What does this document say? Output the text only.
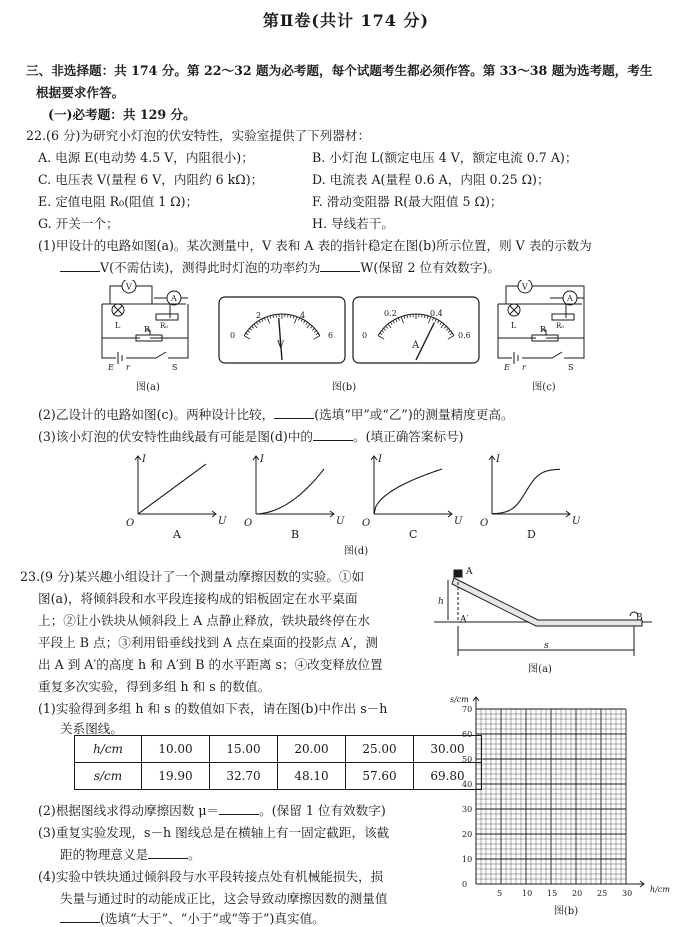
第Ⅱ卷(共计 174 分)
三、非选择题：共 174 分。第 22～32 题为必考题，每个试题考生都必须作答。第 33～38 题为选考题，考生
根据要求作答。
(一)必考题：共 129 分。
22.(6 分)为研究小灯泡的伏安特性，实验室提供了下列器材：
A. 电源 E(电动势 4.5 V，内阻很小)；	B. 小灯泡 L(额定电压 4 V，额定电流 0.7 A)；
C. 电压表 V(量程 6 V，内阻约 6 kΩ)；	D. 电流表 A(量程 0.6 A，内阻 0.25 Ω)；
E. 定值电阻 R₀(阻值 1 Ω)；	F. 滑动变阻器 R(最大阻值 5 Ω)；
G. 开关一个；	H. 导线若干。
(1)甲设计的电路如图(a)。某次测量中，V 表和 A 表的指针稳定在图(b)所示位置，则 V 表的示数为
V(不需估读)，测得此时灯泡的功率约为	W(保留 2 位有效数字)。
V
A
L	R₀
R
E r	S
图(a)
V
0
2	4
6
A
0
0.2	0.4
0.6
图(b)
V
A
L	R₀
R
E r	S
图(c)
(2)乙设计的电路如图(c)。两种设计比较，	(选填“甲”或“乙”)的测量精度更高。
(3)该小灯泡的伏安特性曲线最有可能是图(d)中的	。(填正确答案标号)
O
I
U
A
O
I
U
B
O
I
U
C
O
I
U
D
图(d)
23.(9 分)某兴趣小组设计了一个测量动摩擦因数的实验。①如
图(a)，将倾斜段和水平段连接构成的铝板固定在水平桌面
上；②让小铁块从倾斜段上 A 点静止释放，铁块最终停在水
平段上 B 点；③利用铅垂线找到 A 点在桌面的投影点 A′，测
出 A 到 A′的高度 h 和 A′到 B 的水平距离 s；④改变释放位置
重复多次实验，得到多组 h 和 s 的数值。
(1)实验得到多组 h 和 s 的数值如下表，请在图(b)中作出 s－h
关系图线。
h/cm	10.00	15.00	20.00	25.00	30.00
s/cm	19.90	32.70	48.10	57.60	69.80
(2)根据图线求得动摩擦因数 μ＝	。(保留 1 位有效数字)
(3)重复实验发现，s－h 图线总是在横轴上有一固定截距，该截
距的物理意义是	。
(4)实验中铁块通过倾斜段与水平段转接点处有机械能损失，损
失量与通过时的动能成正比，这会导致动摩擦因数的测量值
(选填“大于”、“小于”或“等于”)真实值。
A
A′	B
h
s
图(a)
s/cm
h/cm
70
60
50
40
30
20
10
0
5 10 15 20 25 30
图(b)
